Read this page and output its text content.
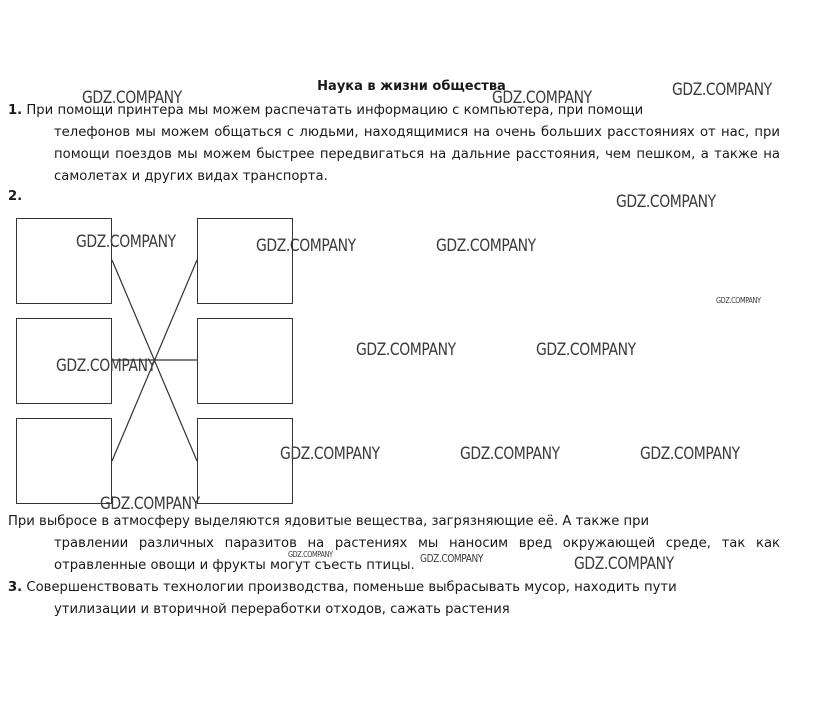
Наука в жизни общества
1. При помощи принтера мы можем распечатать информацию с компьютера, при помощи
телефонов мы можем общаться с людьми, находящимися на очень больших расстояниях от нас, при помощи поездов мы можем быстрее передвигаться на дальние расстояния, чем пешком, а также на самолетах и других видах транспорта.
2.
При выбросе в атмосферу выделяются ядовитые вещества, загрязняющие её. А также при
травлении различных паразитов на растениях мы наносим вред окружающей среде, так как отравленные овощи и фрукты могут съесть птицы.
3. Совершенствовать технологии производства, поменьше выбрасывать мусор, находить пути
утилизации и вторичной переработки отходов, сажать растения
GDZ.COMPANY	GDZ.COMPANY	GDZ.COMPANY
GDZ.COMPANY
GDZ.COMPANY	GDZ.COMPANY	GDZ.COMPANY
GDZ.COMPANY
GDZ.COMPANY	GDZ.COMPANY
GDZ.COMPANY
GDZ.COMPANY	GDZ.COMPANY	GDZ.COMPANY
GDZ.COMPANY
GDZ.COMPANY	GDZ.COMPANY
GDZ.COMPANY
